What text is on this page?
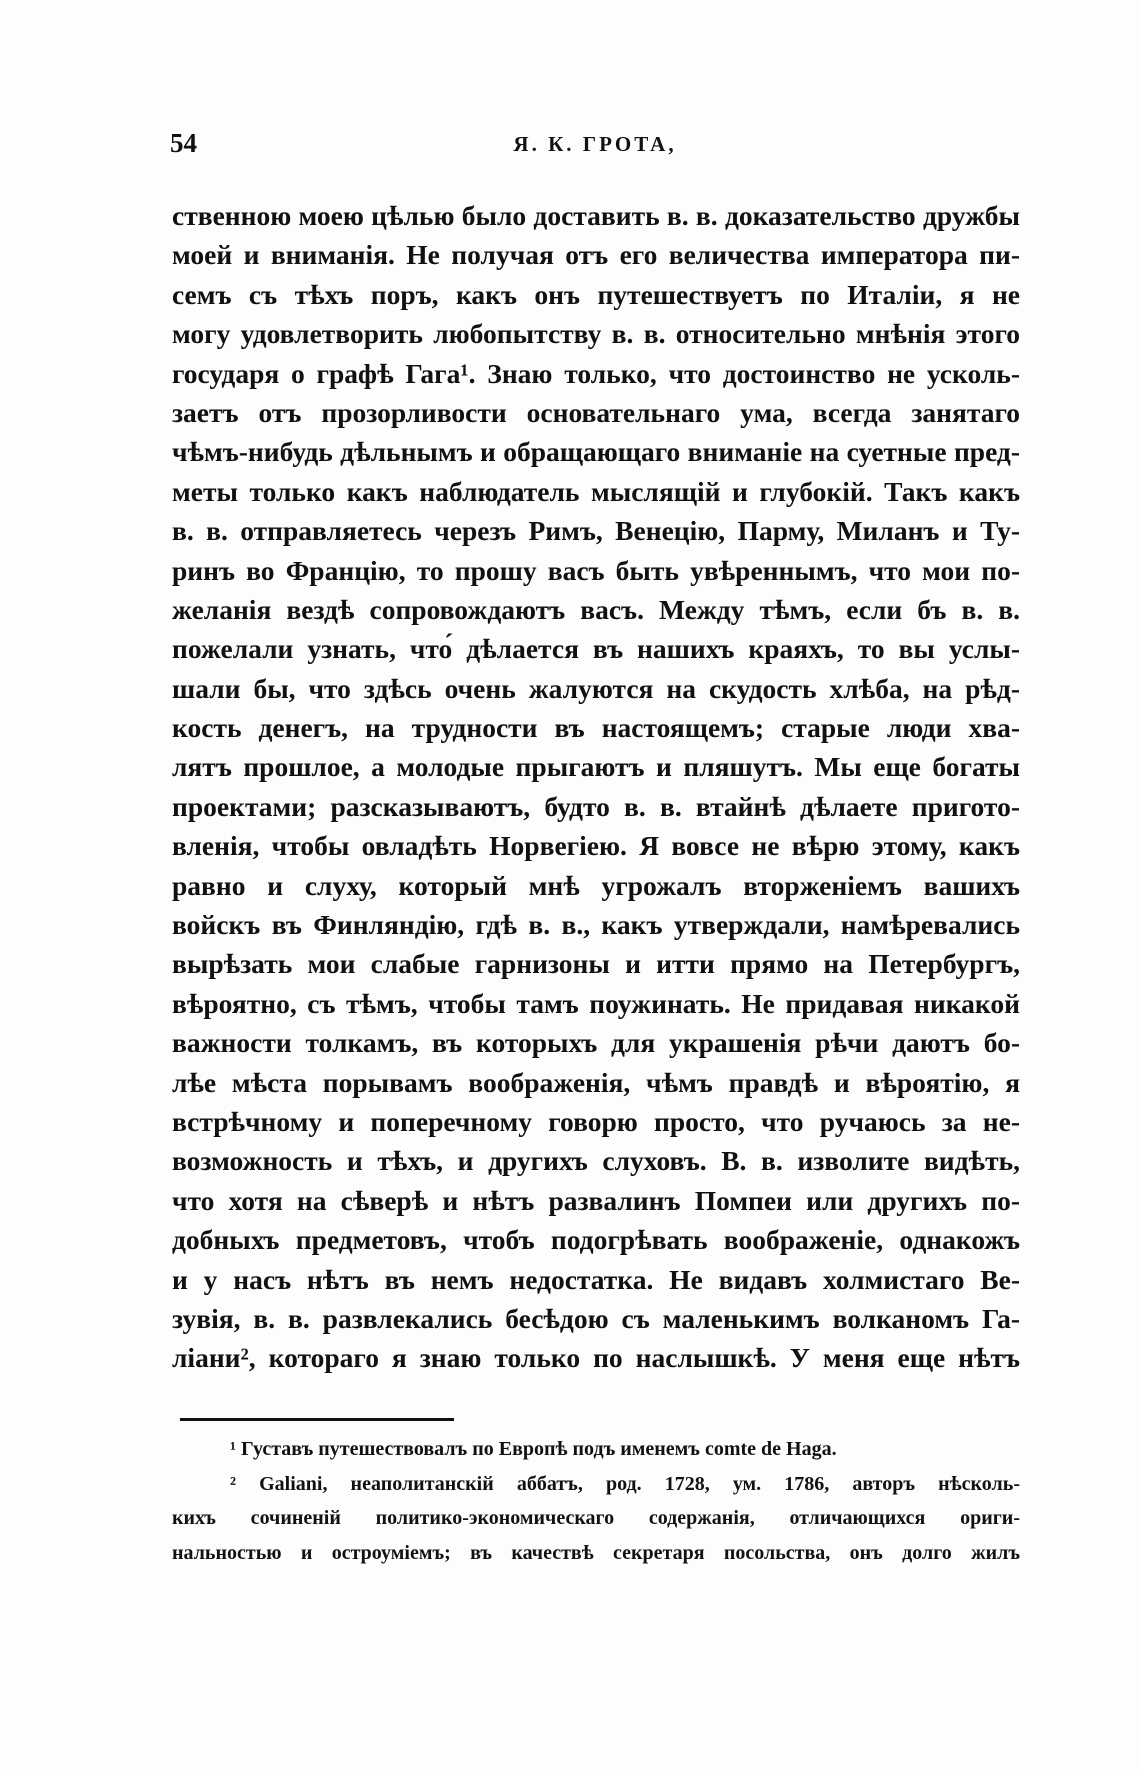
54	Я. К. ГРОТА,
ственною моею цѣлью было доставить в. в. доказательство дружбы
моей и вниманія. Не получая отъ его величества императора пи-
семъ съ тѣхъ поръ, какъ онъ путешествуетъ по Италіи, я не
могу удовлетворить любопытству в. в. относительно мнѣнія этого
государя о графѣ Гага¹. Знаю только, что достоинство не усколь-
заетъ отъ прозорливости основательнаго ума, всегда занятаго
чѣмъ-нибудь дѣльнымъ и обращающаго вниманіе на суетные пред-
меты только какъ наблюдатель мыслящій и глубокій. Такъ какъ
в. в. отправляетесь черезъ Римъ, Венецію, Парму, Миланъ и Ту-
ринъ во Францію, то прошу васъ быть увѣреннымъ, что мои по-
желанія вездѣ сопровождаютъ васъ. Между тѣмъ, если бъ в. в.
пожелали узнать, что́ дѣлается въ нашихъ краяхъ, то вы услы-
шали бы, что здѣсь очень жалуются на скудость хлѣба, на рѣд-
кость денегъ, на трудности въ настоящемъ; старые люди хва-
лятъ прошлое, а молодые прыгаютъ и пляшутъ. Мы еще богаты
проектами; разсказываютъ, будто в. в. втайнѣ дѣлаете пригото-
вленія, чтобы овладѣть Норвегіею. Я вовсе не вѣрю этому, какъ
равно и слуху, который мнѣ угрожалъ вторженіемъ вашихъ
войскъ въ Финляндію, гдѣ в. в., какъ утверждали, намѣревались
вырѣзать мои слабые гарнизоны и итти прямо на Петербургъ,
вѣроятно, съ тѣмъ, чтобы тамъ поужинать. Не придавая никакой
важности толкамъ, въ которыхъ для украшенія рѣчи даютъ бо-
лѣе мѣста порывамъ воображенія, чѣмъ правдѣ и вѣроятію, я
встрѣчному и поперечному говорю просто, что ручаюсь за не-
возможность и тѣхъ, и другихъ слуховъ. В. в. изволите видѣть,
что хотя на сѣверѣ и нѣтъ развалинъ Помпеи или другихъ по-
добныхъ предметовъ, чтобъ подогрѣвать воображеніе, однакожъ
и у насъ нѣтъ въ немъ недостатка. Не видавъ холмистаго Ве-
зувія, в. в. развлекались бесѣдою съ маленькимъ волканомъ Га-
ліани², котораго я знаю только по наслышкѣ. У меня еще нѣтъ
¹ Густавъ путешествовалъ по Европѣ подъ именемъ comte de Haga.
² Galiani, неаполитанскій аббатъ, род. 1728, ум. 1786, авторъ нѣсколь-
кихъ сочиненій политико-экономическаго содержанія, отличающихся ориги-
нальностью и остроуміемъ; въ качествѣ секретаря посольства, онъ долго жилъ
